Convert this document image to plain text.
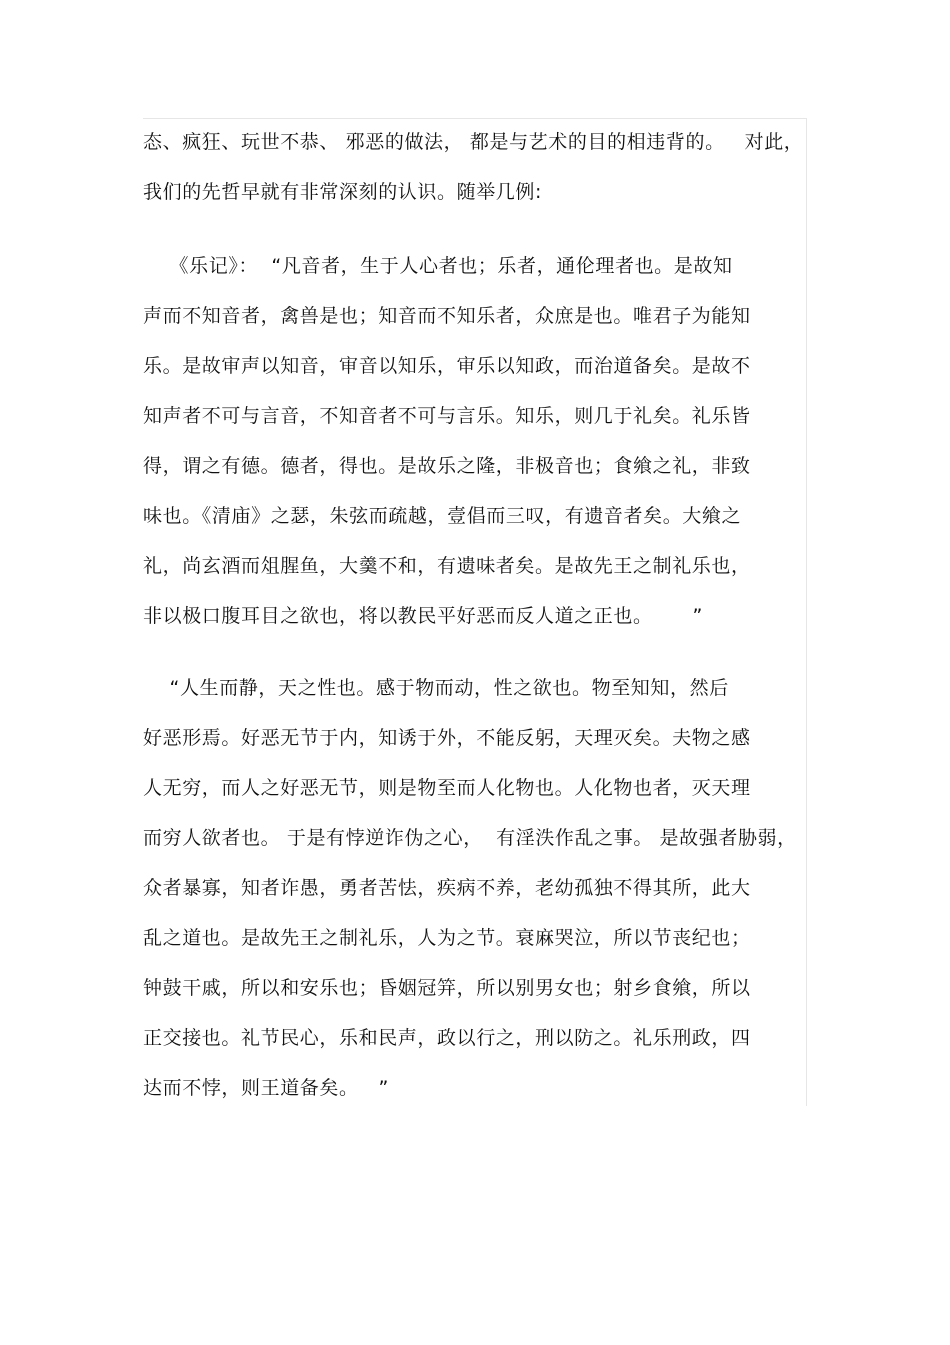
态、疯狂、玩世不恭、 邪恶的做法， 都是与艺术的目的相违背的。   对此，
我们的先哲早就有非常深刻的认识。随举几例:
《乐记》：  “凡音者，生于人心者也；乐者，通伦理者也。是故知
声而不知音者，禽兽是也；知音而不知乐者，众庶是也。唯君子为能知
乐。是故审声以知音，审音以知乐，审乐以知政，而治道备矣。是故不
知声者不可与言音，不知音者不可与言乐。知乐，则几于礼矣。礼乐皆
得，谓之有德。德者，得也。是故乐之隆，非极音也；食飨之礼，非致
味也。《清庙》之瑟，朱弦而疏越，壹倡而三叹，有遗音者矣。大飨之
礼，尚玄酒而俎腥鱼，大羹不和，有遗味者矣。是故先王之制礼乐也，
非以极口腹耳目之欲也，将以教民平好恶而反人道之正也。      ”
“人生而静，天之性也。感于物而动，性之欲也。物至知知，然后
好恶形焉。好恶无节于内，知诱于外，不能反躬，天理灭矣。夫物之感
人无穷，而人之好恶无节，则是物至而人化物也。人化物也者，灭天理
而穷人欲者也。 于是有悖逆诈伪之心，  有淫泆作乱之事。 是故强者胁弱，
众者暴寡，知者诈愚，勇者苦怯，疾病不养，老幼孤独不得其所，此大
乱之道也。是故先王之制礼乐，人为之节。衰麻哭泣，所以节丧纪也；
钟鼓干戚，所以和安乐也；昏姻冠笄，所以别男女也；射乡食飨，所以
正交接也。礼节民心，乐和民声，政以行之，刑以防之。礼乐刑政，四
达而不悖，则王道备矣。   ”
